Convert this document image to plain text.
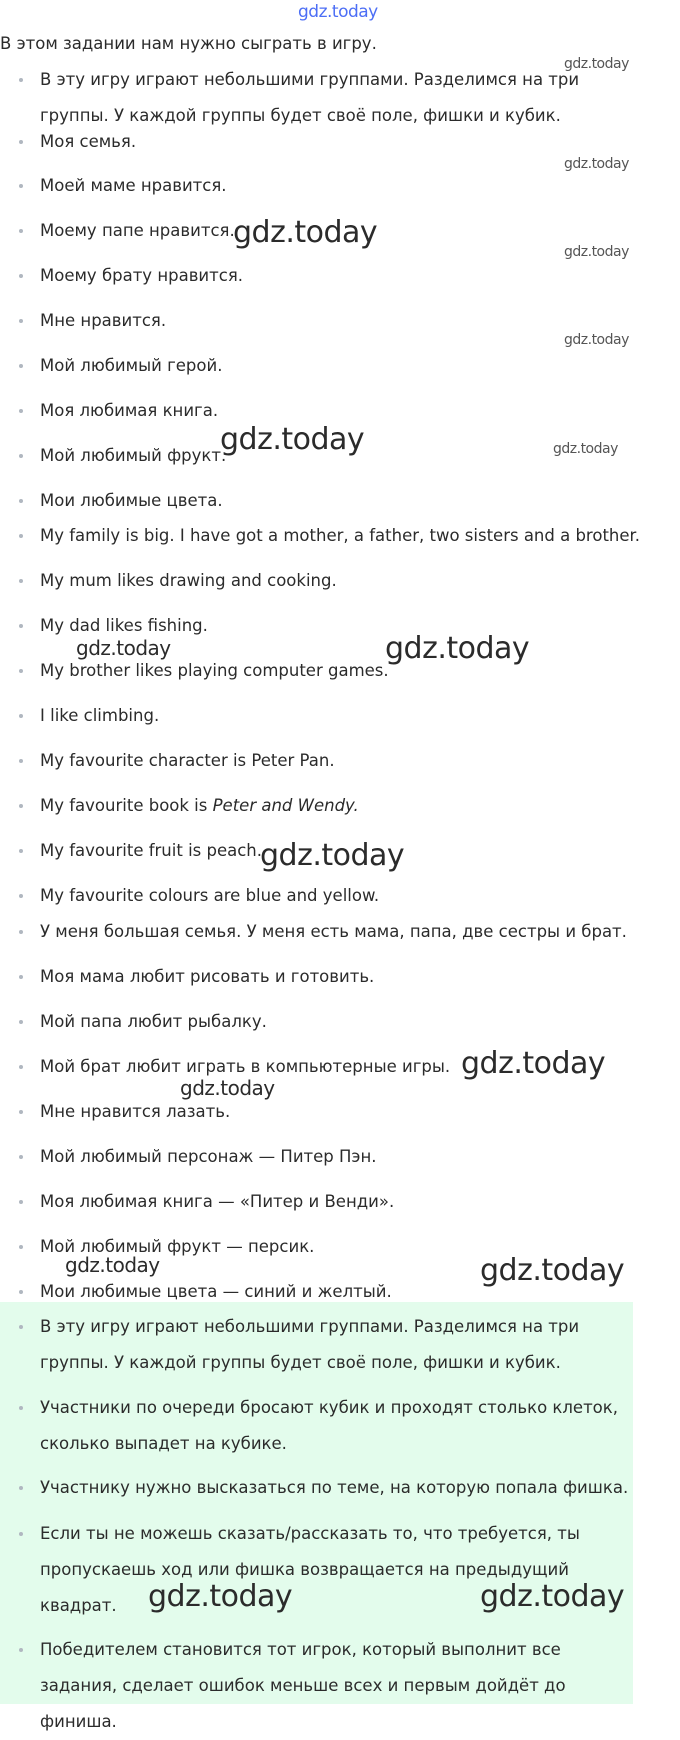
gdz.today
В этом задании нам нужно сыграть в игру.
В эту игру играют небольшими группами. Разделимся на три группы. У каждой группы будет своё поле, фишки и кубик.
Моя семья.
Моей маме нравится.
Моему папе нравится.
Моему брату нравится.
Мне нравится.
Мой любимый герой.
Моя любимая книга.
Мой любимый фрукт.
Мои любимые цвета.
My family is big. I have got a mother, a father, two sisters and a brother.
My mum likes drawing and cooking.
My dad likes fishing.
My brother likes playing computer games.
I like climbing.
My favourite character is Peter Pan.
My favourite book is Peter and Wendy.
My favourite fruit is peach.
My favourite colours are blue and yellow.
У меня большая семья. У меня есть мама, папа, две сестры и брат.
Моя мама любит рисовать и готовить.
Мой папа любит рыбалку.
Мой брат любит играть в компьютерные игры.
Мне нравится лазать.
Мой любимый персонаж — Питер Пэн.
Моя любимая книга — «Питер и Венди».
Мой любимый фрукт — персик.
Мои любимые цвета — синий и желтый.
В эту игру играют небольшими группами. Разделимся на три группы. У каждой группы будет своё поле, фишки и кубик.
Участники по очереди бросают кубик и проходят столько клеток, сколько выпадет на кубике.
Участнику нужно высказаться по теме, на которую попала фишка.
Если ты не можешь сказать/рассказать то, что требуется, ты пропускаешь ход или фишка возвращается на предыдущий квадрат.
Победителем становится тот игрок, который выполнит все задания, сделает ошибок меньше всех и первым дойдёт до финиша.
gdz.today
gdz.today
gdz.today
gdz.today
gdz.today
gdz.today	gdz.today
gdz.today	gdz.today
gdz.today
gdz.today
gdz.today
gdz.today	gdz.today
gdz.today	gdz.today
